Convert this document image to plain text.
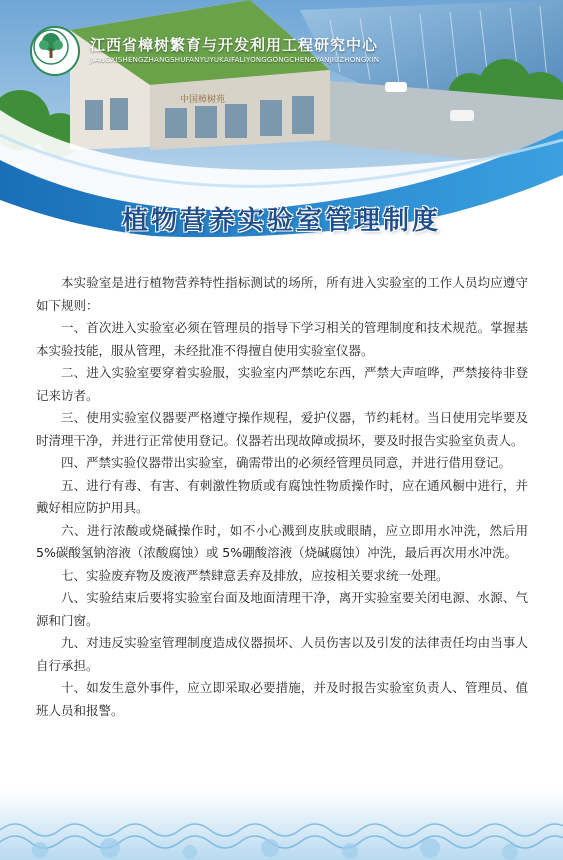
中国樟树苑
江西省樟树繁育与开发利用工程研究中心
JIANGXISHENGZHANGSHUFANYUYUKAIFALIYONGGONGCHENGYANJIUZHONGXIN
植物营养实验室管理制度

本实验室是进行植物营养特性指标测试的场所，所有进入实验室的工作人员均应遵守如下规则：

一、首次进入实验室必须在管理员的指导下学习相关的管理制度和技术规范。掌握基本实验技能，服从管理，未经批准不得擅自使用实验室仪器。

二、进入实验室要穿着实验服，实验室内严禁吃东西，严禁大声喧哗，严禁接待非登记来访者。

三、使用实验室仪器要严格遵守操作规程，爱护仪器，节约耗材。当日使用完毕要及时清理干净，并进行正常使用登记。仪器若出现故障或损坏，要及时报告实验室负责人。

四、严禁实验仪器带出实验室，确需带出的必须经管理员同意，并进行借用登记。

五、进行有毒、有害、有刺激性物质或有腐蚀性物质操作时，应在通风橱中进行，并戴好相应防护用具。

六、进行浓酸或烧碱操作时，如不小心溅到皮肤或眼睛，应立即用水冲洗，然后用 5%碳酸氢钠溶液（浓酸腐蚀）或 5%硼酸溶液（烧碱腐蚀）冲洗，最后再次用水冲洗。

七、实验废弃物及废液严禁肆意丢弃及排放，应按相关要求统一处理。

八、实验结束后要将实验室台面及地面清理干净，离开实验室要关闭电源、水源、气源和门窗。

九、对违反实验室管理制度造成仪器损坏、人员伤害以及引发的法律责任均由当事人自行承担。

十、如发生意外事件，应立即采取必要措施，并及时报告实验室负责人、管理员、值班人员和报警。
